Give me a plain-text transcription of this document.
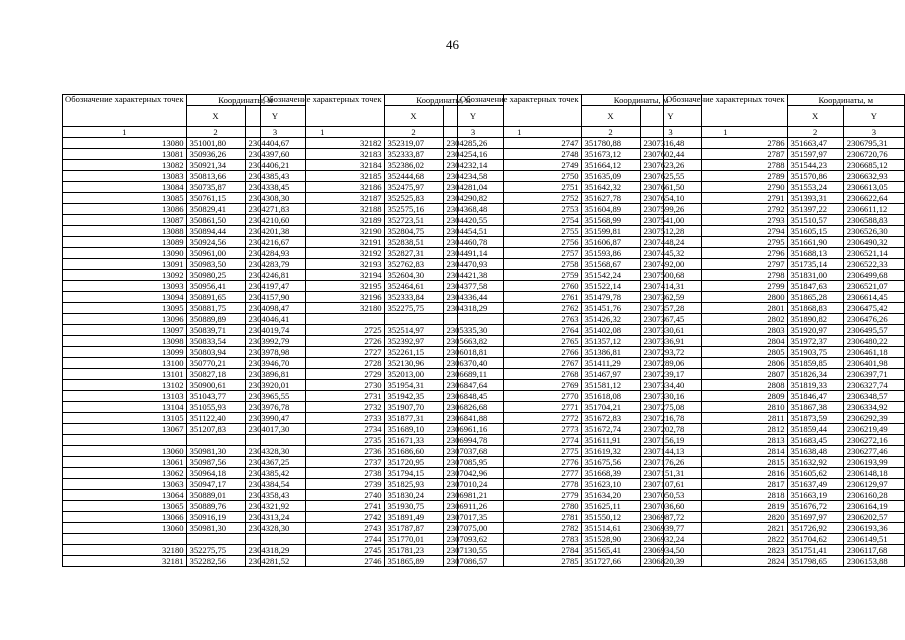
46
Обозначение характерных точек	Координаты, м	
	X	Y
1	2	3
13080	351001,80	2304404,67
13081	350936,26	2304397,60
13082	350921,34	2304406,21
13083	350813,66	2304385,43
13084	350735,87	2304338,45
13085	350761,15	2304308,30
13086	350829,41	2304271,83
13087	350861,50	2304210,60
13088	350894,44	2304201,38
13089	350924,56	2304216,67
13090	350961,00	2304284,93
13091	350983,50	2304283,79
13092	350980,25	2304246,81
13093	350956,41	2304197,47
13094	350891,65	2304157,90
13095	350881,75	2304098,47
13096	350889,89	2304046,41
13097	350839,71	2304019,74
13098	350833,54	2303992,79
13099	350803,94	2303978,98
13100	350770,21	2303946,70
13101	350827,18	2303896,81
13102	350900,61	2303920,01
13103	351043,77	2303965,55
13104	351055,93	2303976,78
13105	351122,40	2303990,47
13067	351207,83	2304017,30

13060	350981,30	2304328,30
13061	350987,56	2304367,25
13062	350964,18	2304385,42
13063	350947,17	2304384,54
13064	350889,01	2304358,43
13065	350889,76	2304321,92
13066	350916,19	2304313,24
13060	350981,30	2304328,30

32180	352275,75	2304318,29
32181	352282,56	2304281,52
Обозначение характерных точек	Координаты, м	
	X	Y
1	2	3
32182	352319,07	2304285,26
32183	352333,87	2304254,16
32184	352386,02	2304232,14
32185	352444,68	2304234,58
32186	352475,97	2304281,04
32187	352525,83	2304290,82
32188	352575,16	2304368,48
32189	352723,51	2304420,55
32190	352804,75	2304454,51
32191	352838,51	2304460,78
32192	352827,31	2304491,14
32193	352762,83	2304470,93
32194	352604,30	2304421,38
32195	352464,61	2304377,58
32196	352333,84	2304336,44
32180	352275,75	2304318,29

2725	352514,97	2305335,30
2726	352392,97	2305663,82
2727	352261,15	2306018,81
2728	352130,96	2306370,40
2729	352013,00	2306689,11
2730	351954,31	2306847,64
2731	351942,35	2306848,45
2732	351907,70	2306826,68
2733	351877,31	2306841,88
2734	351689,10	2306961,16
2735	351671,33	2306994,78
2736	351686,60	2307037,68
2737	351720,95	2307085,95
2738	351794,15	2307042,96
2739	351825,93	2307010,24
2740	351830,24	2306981,21
2741	351930,75	2306911,26
2742	351891,49	2307017,35
2743	351787,87	2307075,00
2744	351770,01	2307093,62
2745	351781,23	2307130,55
2746	351865,89	2307086,57
Обозначение характерных точек	Координаты, м	
	X	Y
1	2	3
2747	351780,88	2307316,48
2748	351673,12	2307602,44
2749	351664,12	2307623,26
2750	351635,09	2307625,55
2751	351642,32	2307661,50
2752	351627,78	2307654,10
2753	351604,89	2307599,26
2754	351568,99	2307541,00
2755	351599,81	2307512,28
2756	351606,87	2307448,24
2757	351593,86	2307445,32
2758	351568,67	2307492,00
2759	351542,24	2307500,68
2760	351522,14	2307414,31
2761	351479,78	2307362,59
2762	351451,76	2307357,28
2763	351426,32	2307367,45
2764	351402,08	2307330,61
2765	351357,12	2307336,91
2766	351386,81	2307293,72
2767	351411,29	2307289,06
2768	351467,97	2307239,17
2769	351581,12	2307334,40
2770	351618,08	2307330,16
2771	351704,21	2307275,08
2772	351672,83	2307216,78
2773	351672,74	2307202,78
2774	351611,91	2307156,19
2775	351619,32	2307144,13
2776	351675,56	2307176,26
2777	351668,39	2307151,31
2778	351623,10	2307107,61
2779	351634,20	2307050,53
2780	351625,11	2307036,60
2781	351550,12	2306987,72
2782	351514,61	2306939,77
2783	351528,90	2306932,24
2784	351565,41	2306934,50
2785	351727,66	2306820,39
Обозначение характерных точек	Координаты, м	
	X	Y
1	2	3
2786	351663,47	2306795,31
2787	351597,97	2306720,76
2788	351544,23	2306685,12
2789	351570,86	2306632,93
2790	351553,24	2306613,05
2791	351393,31	2306622,64
2792	351397,22	2306611,12
2793	351510,57	2306588,83
2794	351605,15	2306526,30
2795	351661,90	2306490,32
2796	351688,13	2306521,14
2797	351735,14	2306522,33
2798	351831,00	2306499,68
2799	351847,63	2306521,07
2800	351865,28	2306614,45
2801	351868,83	2306475,42
2802	351890,82	2306476,26
2803	351920,97	2306495,57
2804	351972,37	2306480,22
2805	351903,75	2306461,18
2806	351859,85	2306401,98
2807	351826,34	2306397,71
2808	351819,33	2306327,74
2809	351846,47	2306348,57
2810	351867,38	2306334,92
2811	351873,59	2306292,39
2812	351859,44	2306219,49
2813	351683,45	2306272,16
2814	351638,48	2306277,46
2815	351632,92	2306193,99
2816	351605,62	2306148,18
2817	351637,49	2306129,97
2818	351663,19	2306160,28
2819	351676,72	2306164,19
2820	351697,97	2306202,57
2821	351726,92	2306193,36
2822	351704,62	2306149,51
2823	351751,41	2306117,68
2824	351798,65	2306153,88
